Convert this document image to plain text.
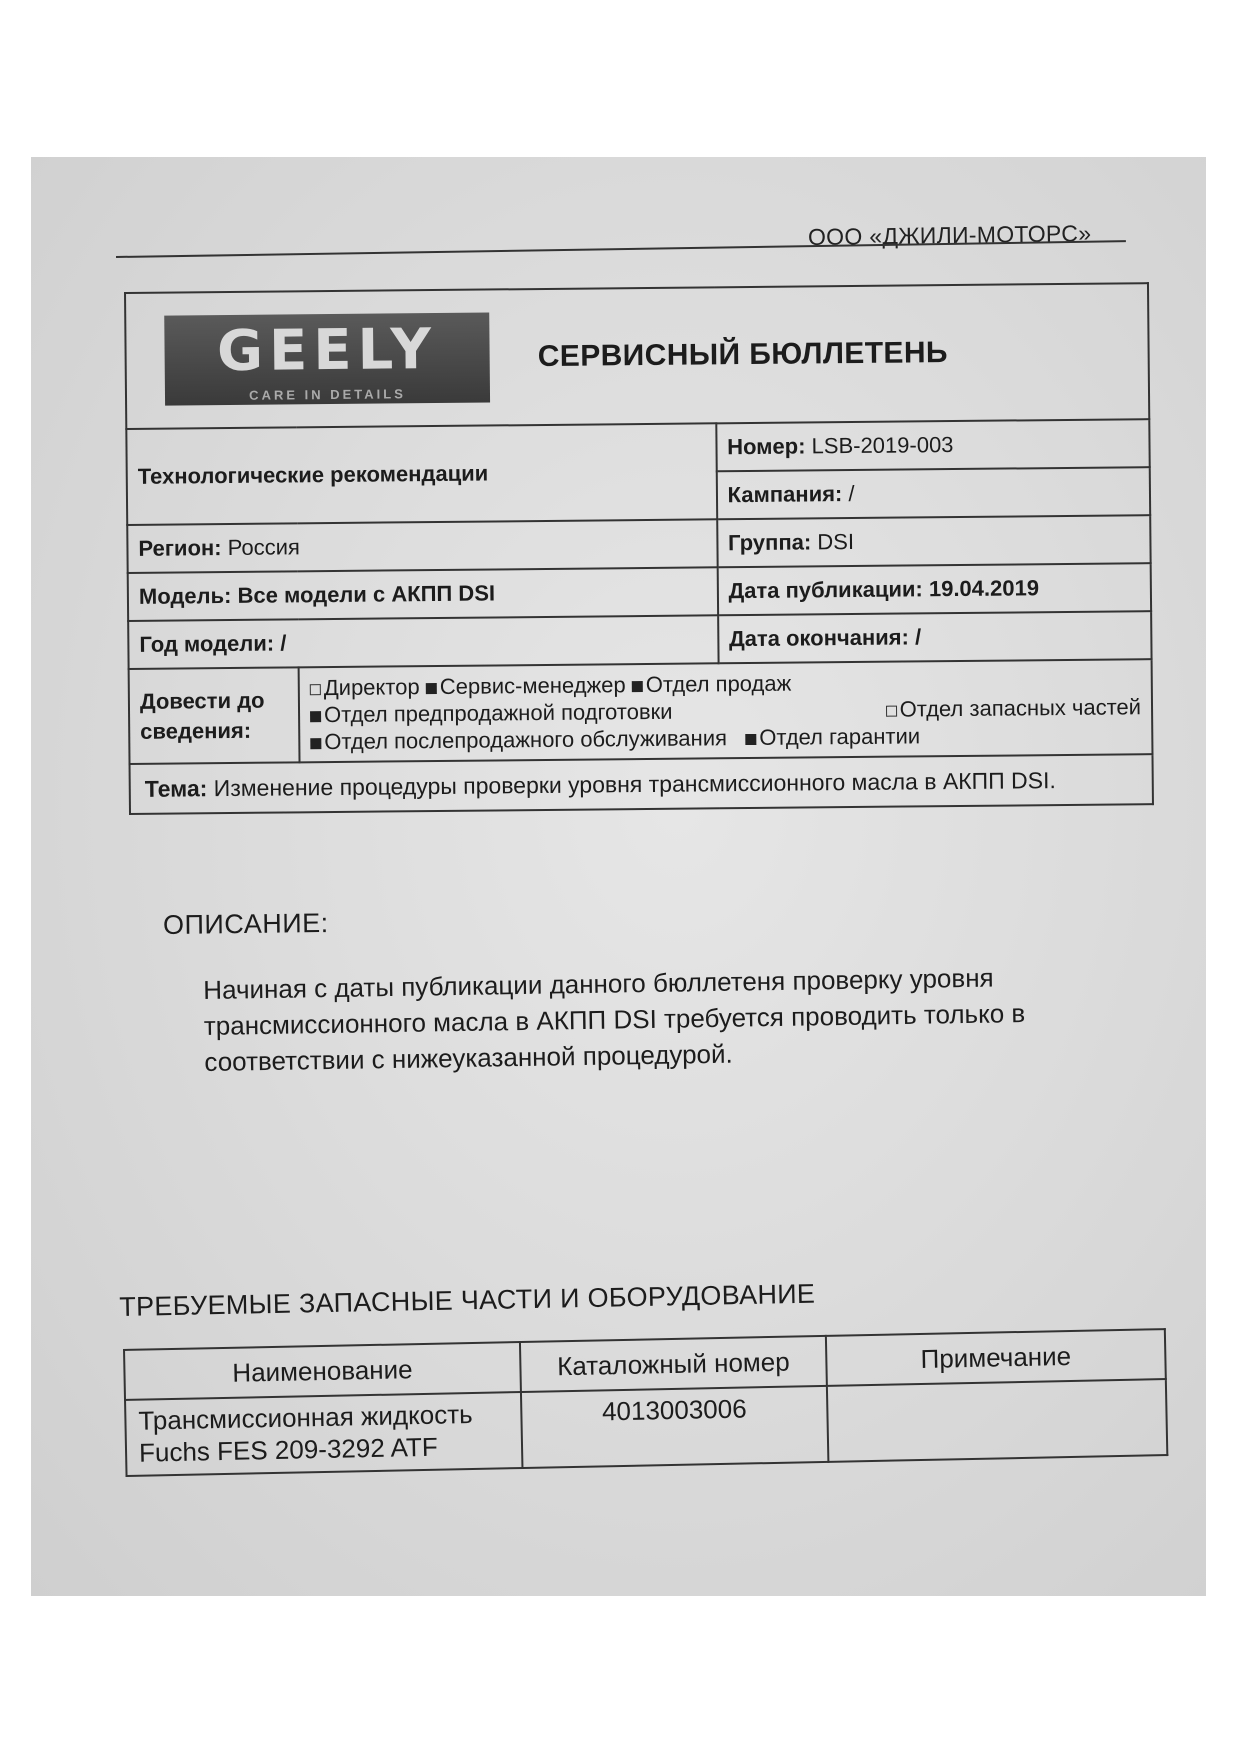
ООО «ДЖИЛИ-МОТОРС»
GEELY
CARE IN DETAILS
СЕРВИСНЫЙ БЮЛЛЕТЕНЬ		
Технологические рекомендации		Номер: LSB-2019-003
		Кампания: /
Регион: Россия		Группа: DSI
Модель: Все модели с АКПП DSI		Дата публикации: 19.04.2019
Год модели: /		Дата окончания: /
Довести до сведения:	Директор Сервис-менеджер Отдел продаж
Отдел предпродажной подготовки Отдел запасных частей
Отдел послепродажного обслуживания Отдел гарантии	

Тема: Изменение процедуры проверки уровня трансмиссионного масла в АКПП DSI.		
ОПИСАНИЕ:
Начиная с даты публикации данного бюллетеня проверку уровня трансмиссионного масла в АКПП DSI требуется проводить только в соответствии с нижеуказанной процедурой.
ТРЕБУЕМЫЕ ЗАПАСНЫЕ ЧАСТИ И ОБОРУДОВАНИЕ
Наименование	Каталожный номер	Примечание
Трансмиссионная жидкость Fuchs FES 209-3292 ATF	4013003006	
